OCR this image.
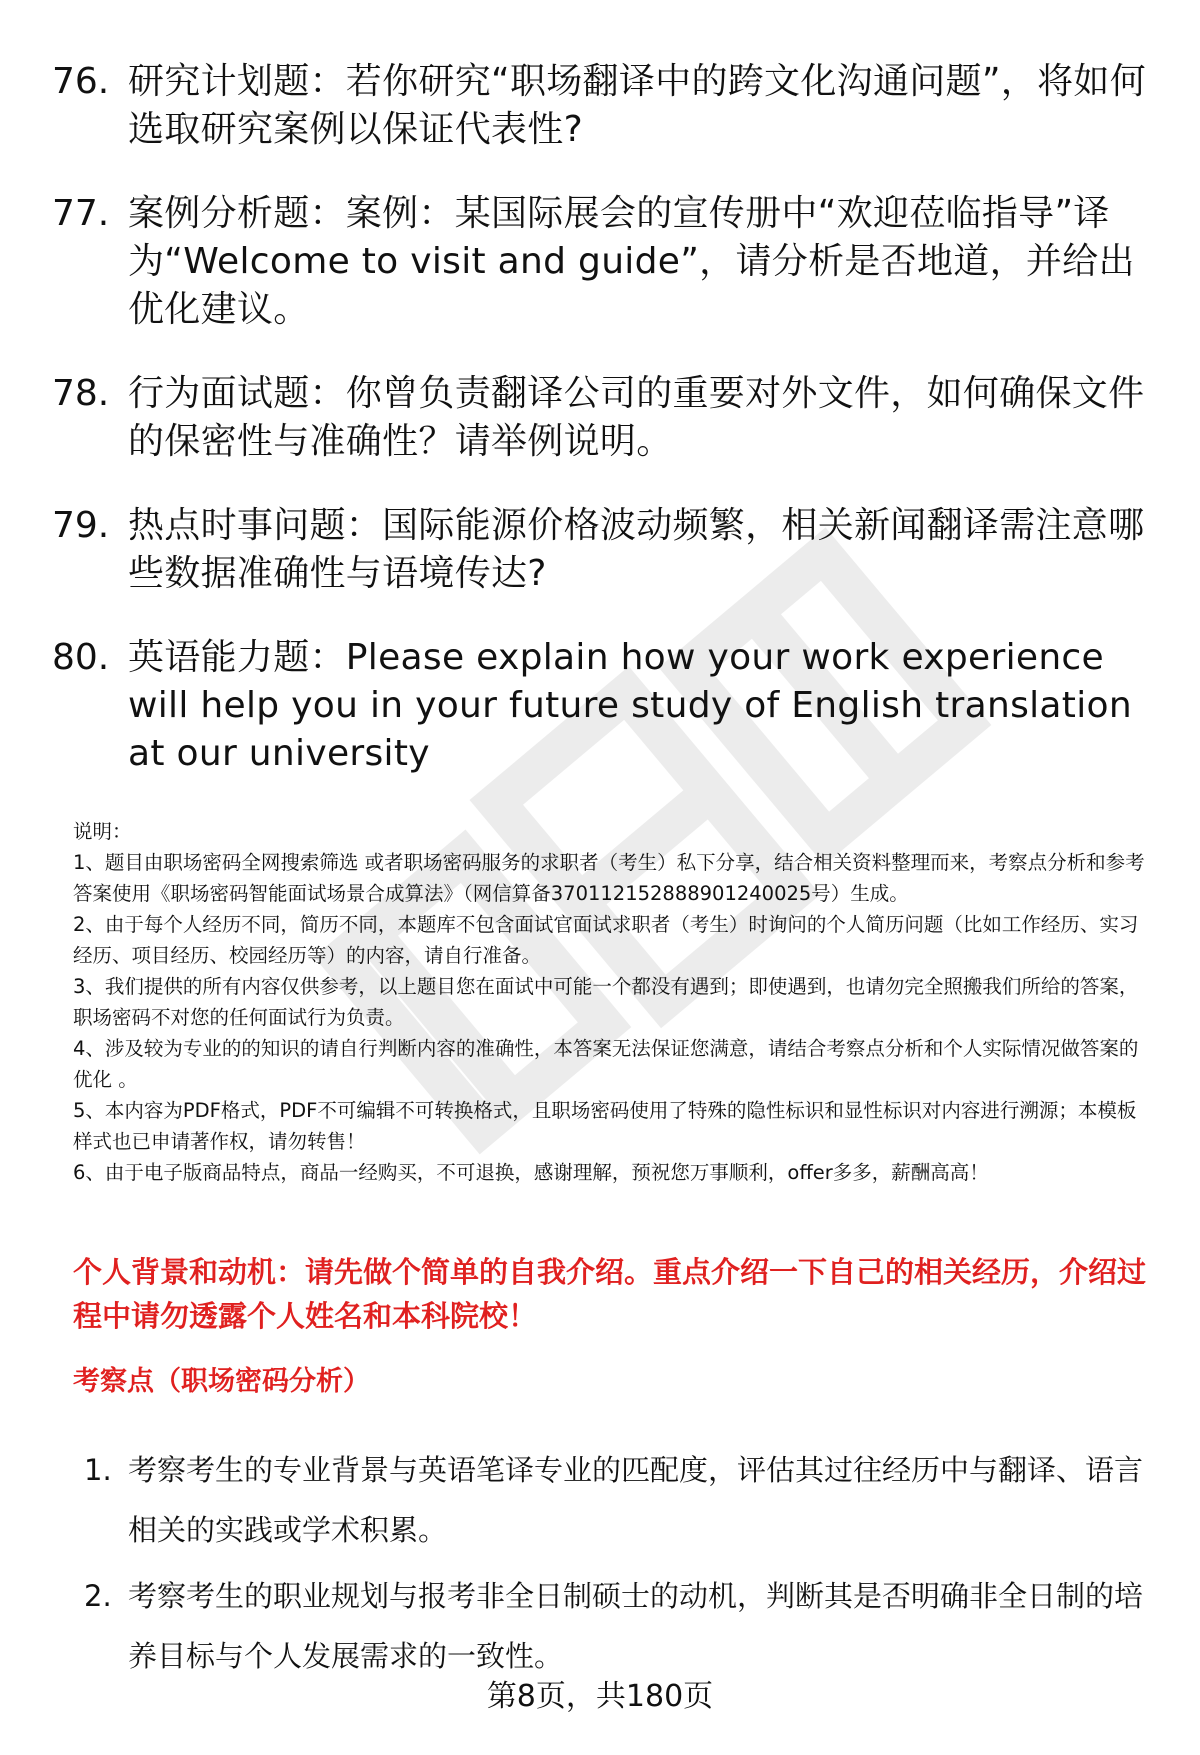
76. 研究计划题：若你研究“职场翻译中的跨文化沟通问题”，将如何选取研究案例以保证代表性?
77. 案例分析题：案例：某国际展会的宣传册中“欢迎莅临指导”译为“Welcome to visit and guide”，请分析是否地道，并给出优化建议。
78. 行为面试题：你曾负责翻译公司的重要对外文件，如何确保文件的保密性与准确性？请举例说明。
79. 热点时事问题：国际能源价格波动频繁，相关新闻翻译需注意哪些数据准确性与语境传达?
80. 英语能力题：Please explain how your work experience will help you in your future study of English translation at our university

说明：

1、题目由职场密码全网搜索筛选 或者职场密码服务的求职者（考生）私下分享，结合相关资料整理而来，考察点分析和参考答案使用《职场密码智能面试场景合成算法》（网信算备370112152888901240025号）生成。

2、由于每个人经历不同，简历不同，本题库不包含面试官面试求职者（考生）时询问的个人简历问题（比如工作经历、实习经历、项目经历、校园经历等）的内容，请自行准备。

3、我们提供的所有内容仅供参考，以上题目您在面试中可能一个都没有遇到；即使遇到，也请勿完全照搬我们所给的答案，职场密码不对您的任何面试行为负责。

4、涉及较为专业的的知识的请自行判断内容的准确性，本答案无法保证您满意，请结合考察点分析和个人实际情况做答案的优化 。

5、本内容为PDF格式，PDF不可编辑不可转换格式，且职场密码使用了特殊的隐性标识和显性标识对内容进行溯源；本模板样式也已申请著作权，请勿转售！

6、由于电子版商品特点，商品一经购买，不可退换，感谢理解，预祝您万事顺利，offer多多，薪酬高高！

个人背景和动机：请先做个简单的自我介绍。重点介绍一下自己的相关经历，介绍过程中请勿透露个人姓名和本科院校！
考察点（职场密码分析）
1. 考察考生的专业背景与英语笔译专业的匹配度，评估其过往经历中与翻译、语言相关的实践或学术积累。
2. 考察考生的职业规划与报考非全日制硕士的动机，判断其是否明确非全日制的培养目标与个人发展需求的一致性。
第8页，共180页
